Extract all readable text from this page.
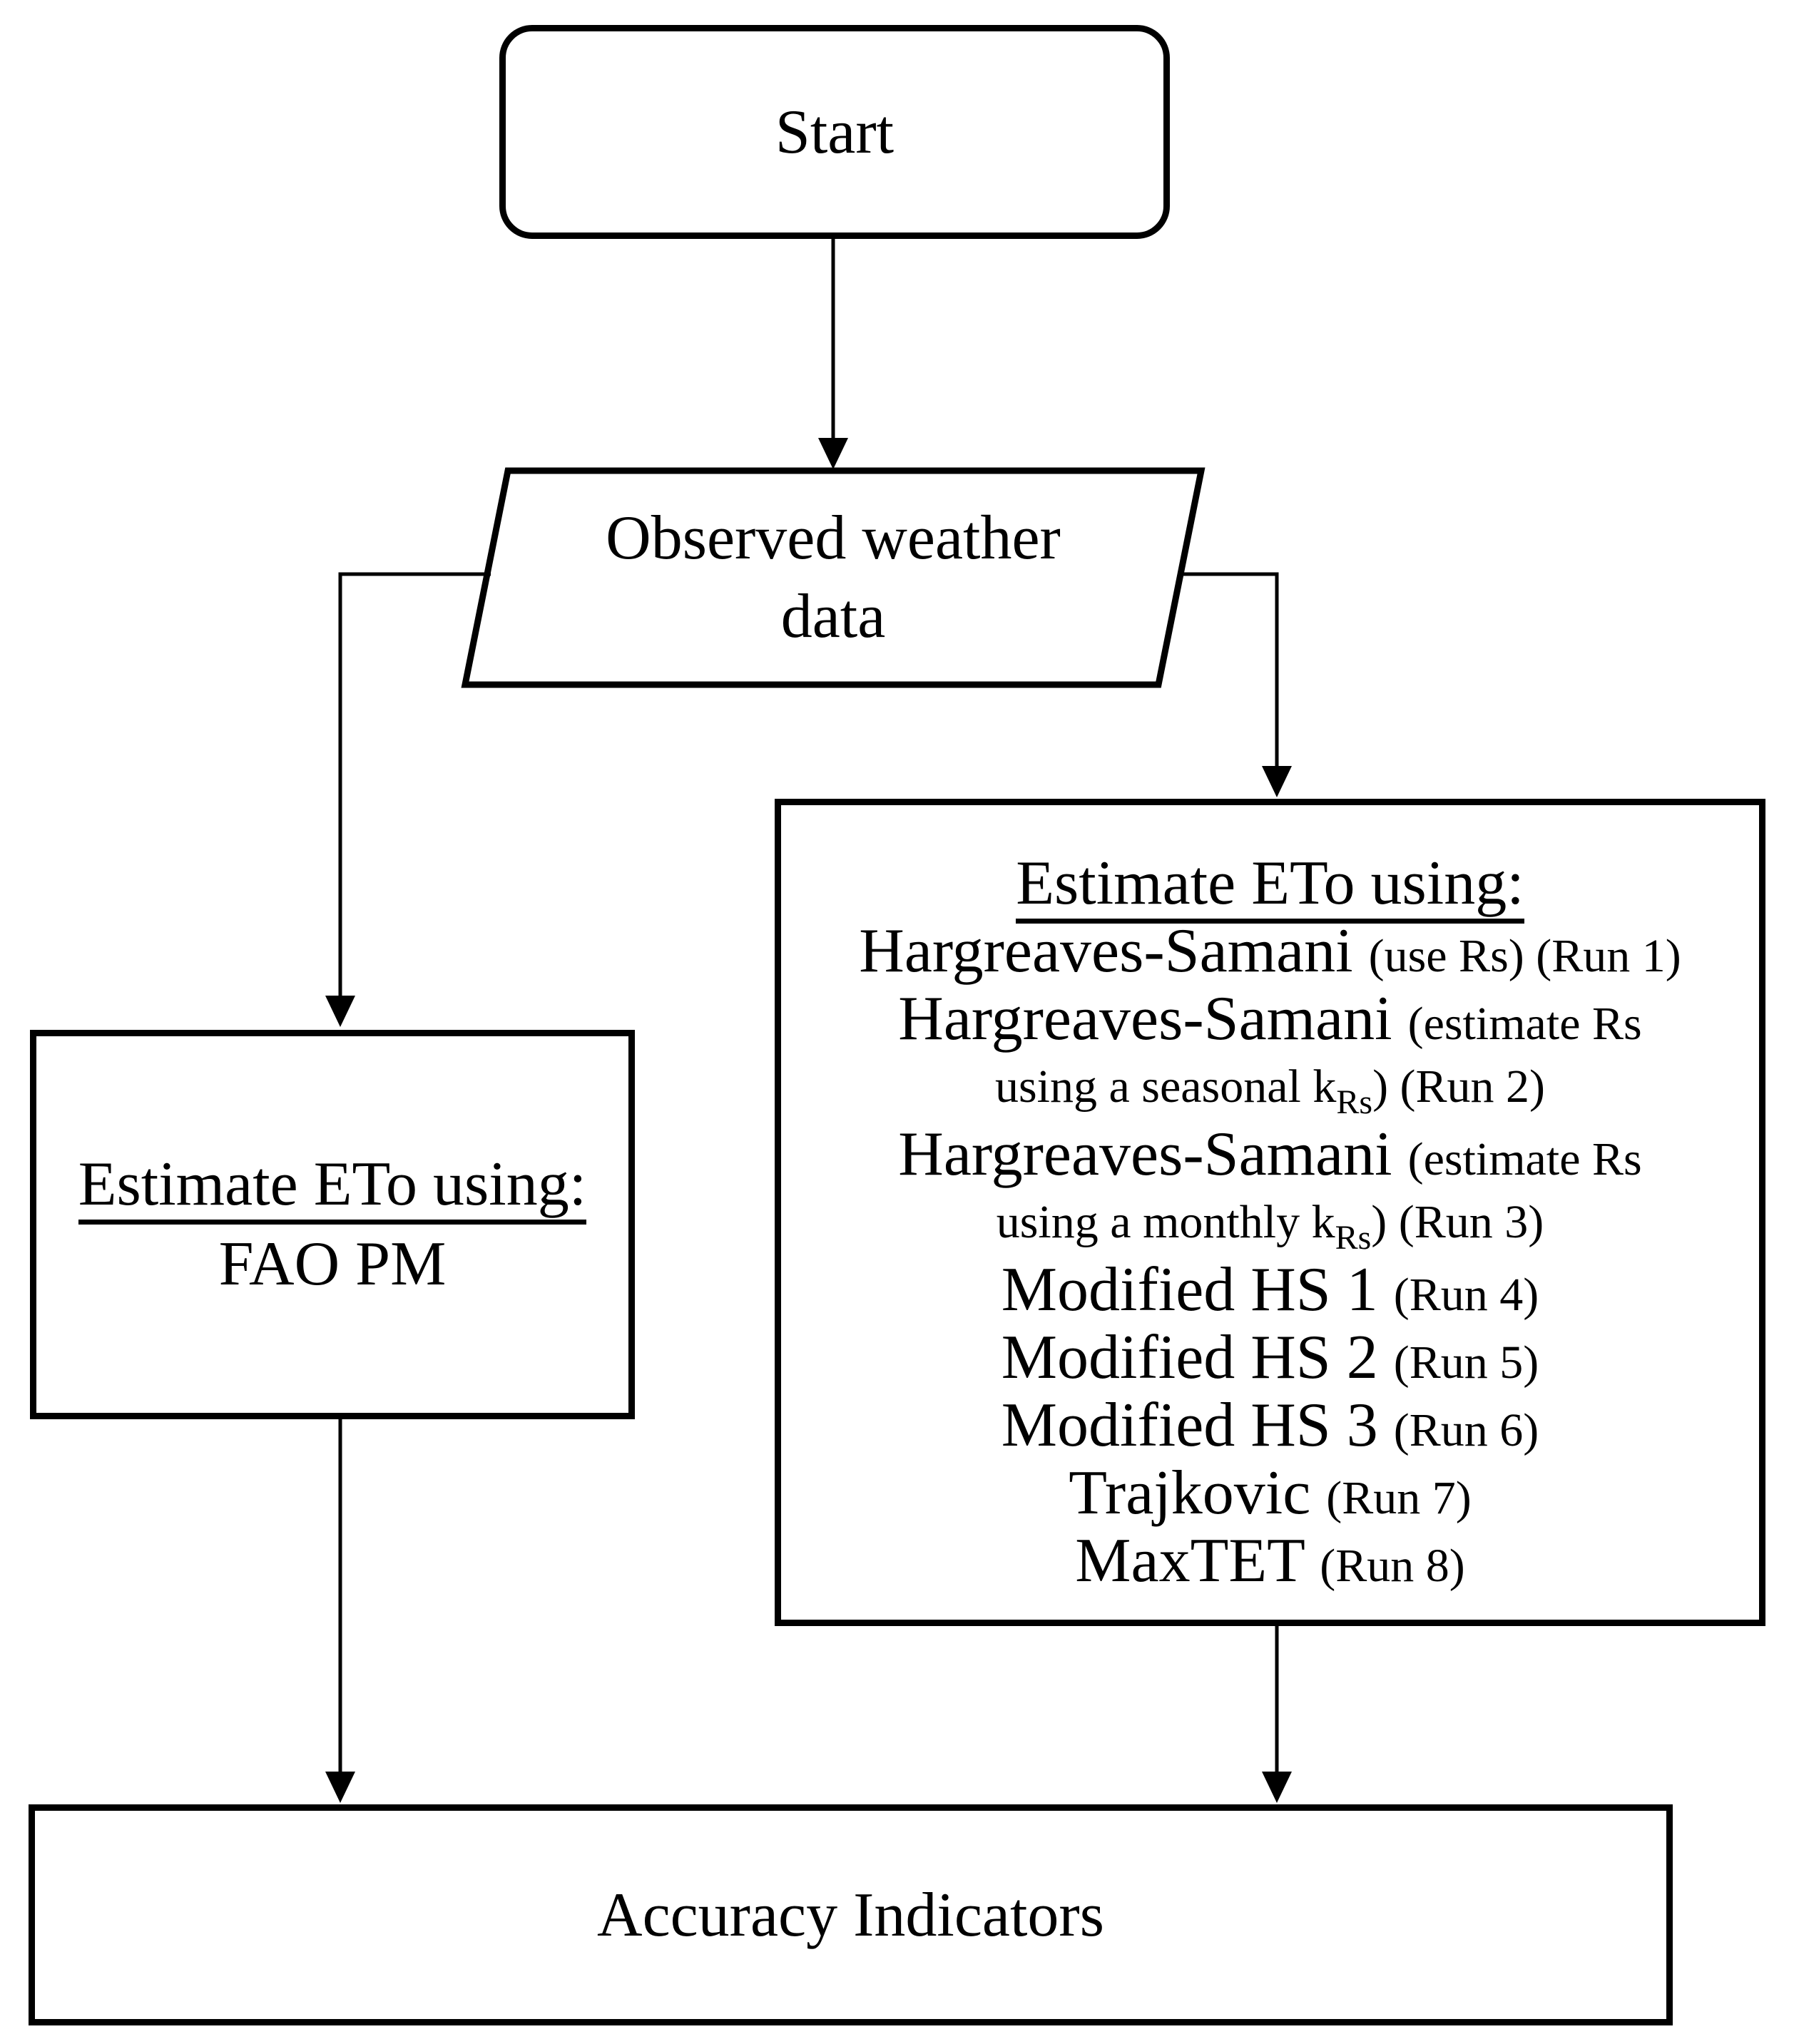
Start
Observed weather
data
Estimate ETo using:
FAO PM
Estimate ETo using:
Hargreaves-Samani (use Rs) (Run 1)
Hargreaves-Samani (estimate Rs
using a seasonal kRs) (Run 2)
Hargreaves-Samani (estimate Rs
using a monthly kRs) (Run 3)
Modified HS 1 (Run 4)
Modified HS 2 (Run 5)
Modified HS 3 (Run 6)
Trajkovic (Run 7)
MaxTET (Run 8)
Accuracy Indicators
